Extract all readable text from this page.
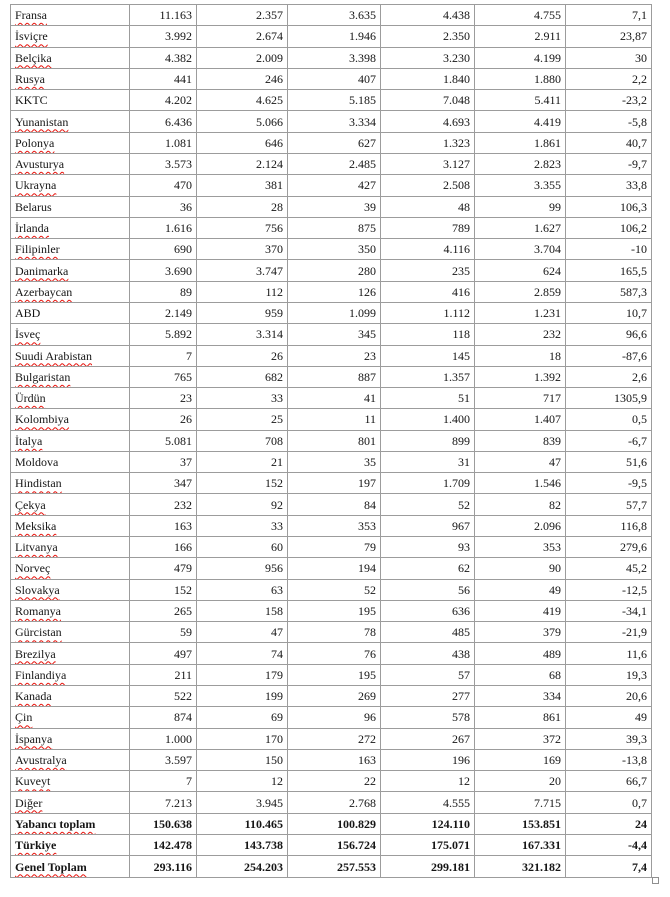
Fransa	11.163	2.357	3.635	4.438	4.755	7,1
İsviçre	3.992	2.674	1.946	2.350	2.911	23,87
Belçika	4.382	2.009	3.398	3.230	4.199	30
Rusya	441	246	407	1.840	1.880	2,2
KKTC	4.202	4.625	5.185	7.048	5.411	-23,2
Yunanistan	6.436	5.066	3.334	4.693	4.419	-5,8
Polonya	1.081	646	627	1.323	1.861	40,7
Avusturya	3.573	2.124	2.485	3.127	2.823	-9,7
Ukrayna	470	381	427	2.508	3.355	33,8
Belarus	36	28	39	48	99	106,3
İrlanda	1.616	756	875	789	1.627	106,2
Filipinler	690	370	350	4.116	3.704	-10
Danimarka	3.690	3.747	280	235	624	165,5
Azerbaycan	89	112	126	416	2.859	587,3
ABD	2.149	959	1.099	1.112	1.231	10,7
İsveç	5.892	3.314	345	118	232	96,6
Suudi Arabistan	7	26	23	145	18	-87,6
Bulgaristan	765	682	887	1.357	1.392	2,6
Ürdün	23	33	41	51	717	1305,9
Kolombiya	26	25	11	1.400	1.407	0,5
İtalya	5.081	708	801	899	839	-6,7
Moldova	37	21	35	31	47	51,6
Hindistan	347	152	197	1.709	1.546	-9,5
Çekya	232	92	84	52	82	57,7
Meksika	163	33	353	967	2.096	116,8
Litvanya	166	60	79	93	353	279,6
Norveç	479	956	194	62	90	45,2
Slovakya	152	63	52	56	49	-12,5
Romanya	265	158	195	636	419	-34,1
Gürcistan	59	47	78	485	379	-21,9
Brezilya	497	74	76	438	489	11,6
Finlandiya	211	179	195	57	68	19,3
Kanada	522	199	269	277	334	20,6
Çin	874	69	96	578	861	49
İspanya	1.000	170	272	267	372	39,3
Avustralya	3.597	150	163	196	169	-13,8
Kuveyt	7	12	22	12	20	66,7
Diğer	7.213	3.945	2.768	4.555	7.715	0,7
Yabancı toplam	150.638	110.465	100.829	124.110	153.851	24
Türkiye	142.478	143.738	156.724	175.071	167.331	-4,4
Genel Toplam	293.116	254.203	257.553	299.181	321.182	7,4
